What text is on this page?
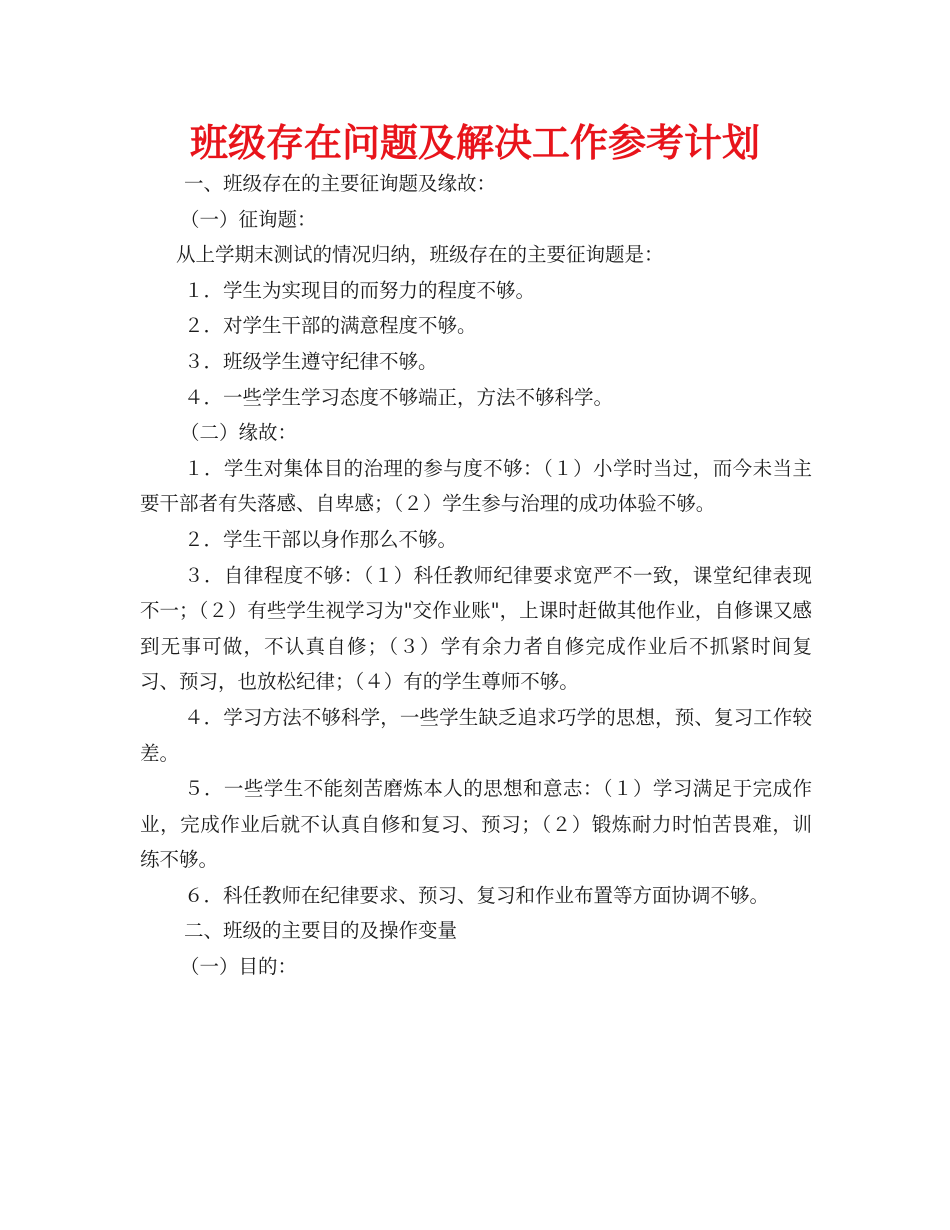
班级存在问题及解决工作参考计划

一、班级存在的主要征询题及缘故：

（一）征询题：

从上学期末测试的情况归纳，班级存在的主要征询题是：

１．学生为实现目的而努力的程度不够。

２．对学生干部的满意程度不够。

３．班级学生遵守纪律不够。

４．一些学生学习态度不够端正，方法不够科学。

（二）缘故：

１．学生对集体目的治理的参与度不够：（１）小学时当过，而今未当主要干部者有失落感、自卑感；（２）学生参与治理的成功体验不够。

２．学生干部以身作那么不够。

３．自律程度不够：（１）科任教师纪律要求宽严不一致，课堂纪律表现不一；（２）有些学生视学习为"交作业账"，上课时赶做其他作业，自修课又感到无事可做，不认真自修；（３）学有余力者自修完成作业后不抓紧时间复习、预习，也放松纪律；（４）有的学生尊师不够。

４．学习方法不够科学，一些学生缺乏追求巧学的思想，预、复习工作较差。

５．一些学生不能刻苦磨炼本人的思想和意志：（１）学习满足于完成作业，完成作业后就不认真自修和复习、预习；（２）锻炼耐力时怕苦畏难，训练不够。

６．科任教师在纪律要求、预习、复习和作业布置等方面协调不够。

二、班级的主要目的及操作变量

（一）目的：
